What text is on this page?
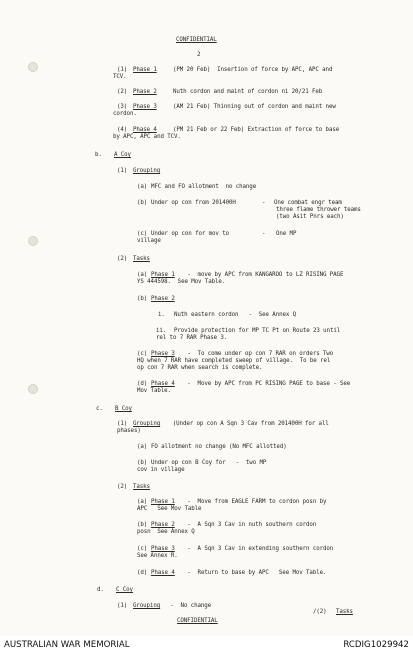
CONFIDENTIAL
2
(1) Phase 1	(PM 20 Feb)  Insertion of force by APC, APC and
TCV.
(2) Phase 2	Nuth cordon and maint of cordon ni 20/21 Feb
(3) Phase 3	(AM 21 Feb) Thinning out of cordon and maint new
cordon.
(4) Phase 4	(PM 21 Feb or 22 Feb) Extraction of force to base
by APC, APC and TCV.
b. A Coy
(1) Grouping
(a) MFC and FO allotment  no change
(b) Under op con from 201400H	- One combat engr team
three flame thrower teams
(two Asit Pnrs each)
(c) Under op con for mov to
village
- One MP
(2) Tasks
(a) Phase 1 -  move by APC from KANGAROO to LZ RISING PAGE
YS 444598.  See Mov Table.
(b) Phase 2
i. Nuth eastern cordon   -  See Annex Q
ii. Provide protection for MP TC Pt on Route 23 until
rel to 7 RAR Phase 3.
(c) Phase 3 -  To come under op con 7 RAR on orders Two
HQ when 7 RAR have completed sweep of village.  To be rel
op con 7 RAR when search is complete.
(d) Phase 4 -  Move by APC from PC RISING PAGE to base - See
Mov Table.
c. B Coy
(1) Grouping (Under op con A Sqn 3 Cav from 201400H for all
phases)
(a) FO allotment no change (No MFC allotted)
(b) Under op con B Coy for   -  two MP
cov in village
(2) Tasks
(a) Phase 1 -  Move from EAGLE FARM to cordon posn by
APC   See Mov Table
(b) Phase 2 -  A Sqn 3 Cav in nuth southern cordon
posn  See Annex Q
(c) Phase 3 -  A Sqn 3 Cav in extending southern cordon
See Annex R.
(d) Phase 4 -  Return to base by APC   See Mov Table.
d. C Coy
(1) Grouping -  No change
/(2) Tasks
CONFIDENTIAL
AUSTRALIAN WAR MEMORIAL	RCDIG1029942
